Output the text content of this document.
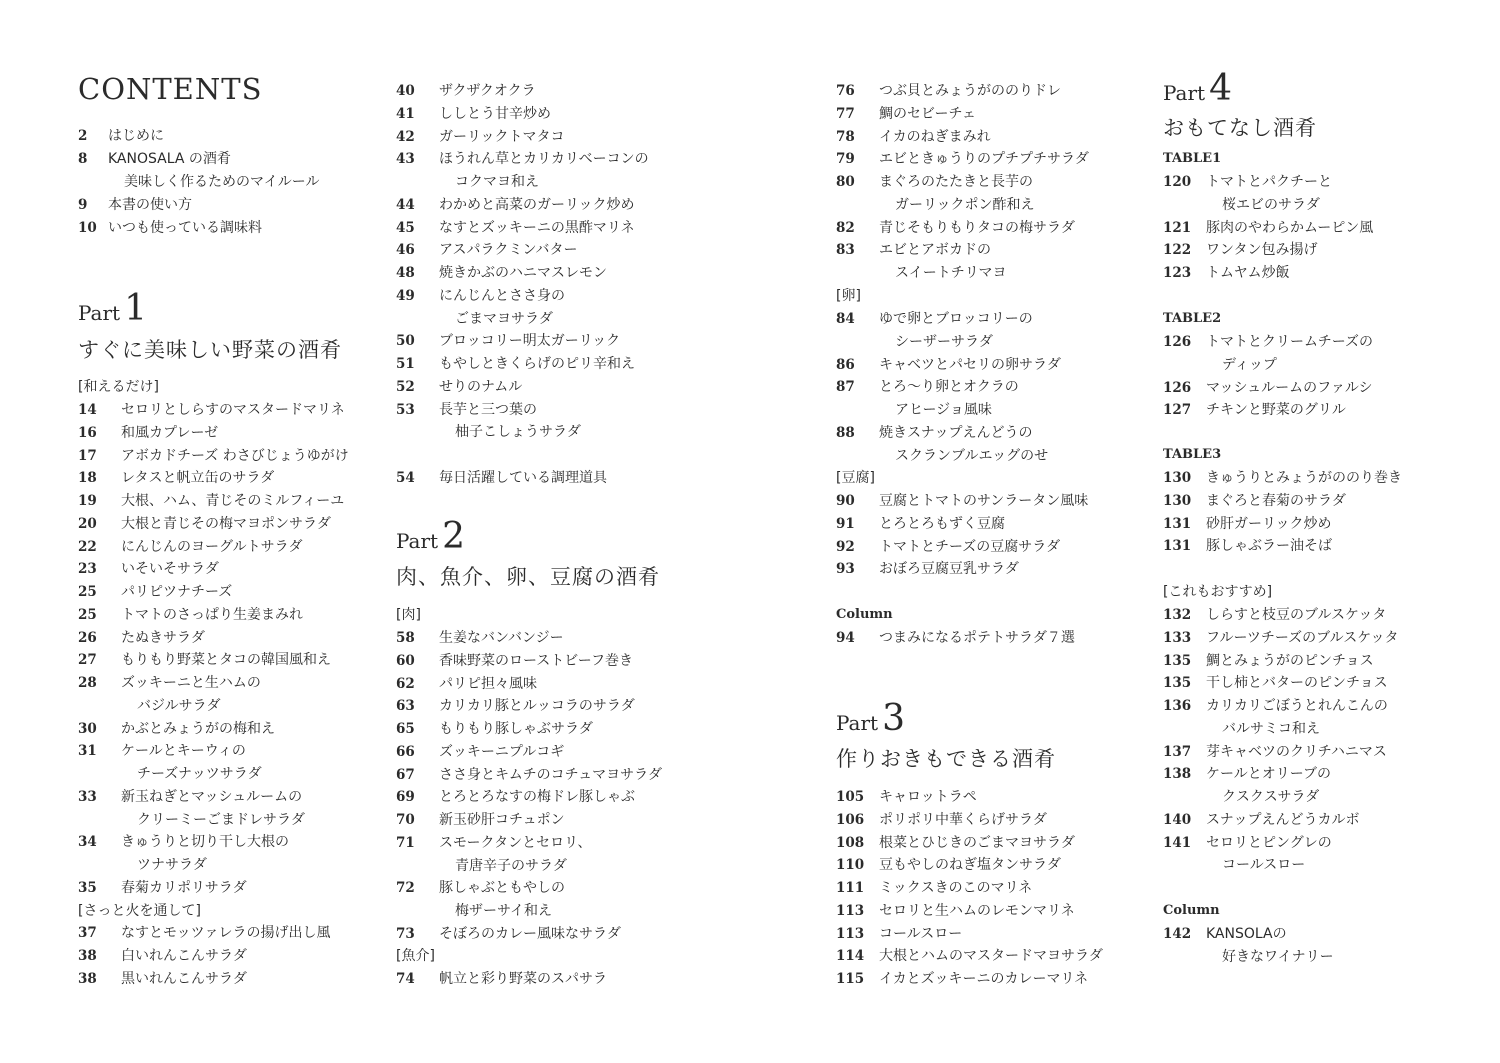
CONTENTS
2 はじめに
8 KANOSALA の酒肴
美味しく作るためのマイルール
9 本書の使い方
10 いつも使っている調味料
Part 1
すぐに美味しい野菜の酒肴
[和えるだけ]
14 セロリとしらすのマスタードマリネ
16 和風カプレーゼ
17 アボカドチーズ わさびじょうゆがけ
18 レタスと帆立缶のサラダ
19 大根、ハム、青じそのミルフィーユ
20 大根と青じその梅マヨポンサラダ
22 にんじんのヨーグルトサラダ
23 いそいそサラダ
25 パリピツナチーズ
25 トマトのさっぱり生姜まみれ
26 たぬきサラダ
27 もりもり野菜とタコの韓国風和え
28 ズッキーニと生ハムの
バジルサラダ
30 かぶとみょうがの梅和え
31 ケールとキーウィの
チーズナッツサラダ
33 新玉ねぎとマッシュルームの
クリーミーごまドレサラダ
34 きゅうりと切り干し大根の
ツナサラダ
35 春菊カリポリサラダ
[さっと火を通して]
37 なすとモッツァレラの揚げ出し風
38 白いれんこんサラダ
38 黒いれんこんサラダ
40 ザクザクオクラ
41 ししとう甘辛炒め
42 ガーリックトマタコ
43 ほうれん草とカリカリベーコンの
コクマヨ和え
44 わかめと高菜のガーリック炒め
45 なすとズッキーニの黒酢マリネ
46 アスパラクミンバター
48 焼きかぶのハニマスレモン
49 にんじんとささ身の
ごまマヨサラダ
50 ブロッコリー明太ガーリック
51 もやしときくらげのピリ辛和え
52 せりのナムル
53 長芋と三つ葉の
柚子こしょうサラダ
54 毎日活躍している調理道具
Part 2
肉、魚介、卵、豆腐の酒肴
[肉]
58 生姜なバンバンジー
60 香味野菜のローストビーフ巻き
62 パリピ担々風味
63 カリカリ豚とルッコラのサラダ
65 もりもり豚しゃぶサラダ
66 ズッキーニプルコギ
67 ささ身とキムチのコチュマヨサラダ
69 とろとろなすの梅ドレ豚しゃぶ
70 新玉砂肝コチュポン
71 スモークタンとセロリ、
青唐辛子のサラダ
72 豚しゃぶともやしの
梅ザーサイ和え
73 そぼろのカレー風味なサラダ
[魚介]
74 帆立と彩り野菜のスパサラ
76 つぶ貝とみょうがののりドレ
77 鯛のセビーチェ
78 イカのねぎまみれ
79 エビときゅうりのプチプチサラダ
80 まぐろのたたきと長芋の
ガーリックポン酢和え
82 青じそもりもりタコの梅サラダ
83 エビとアボカドの
スイートチリマヨ
[卵]
84 ゆで卵とブロッコリーの
シーザーサラダ
86 キャベツとパセリの卵サラダ
87 とろ～り卵とオクラの
アヒージョ風味
88 焼きスナップえんどうの
スクランブルエッグのせ
[豆腐]
90 豆腐とトマトのサンラータン風味
91 とろとろもずく豆腐
92 トマトとチーズの豆腐サラダ
93 おぼろ豆腐豆乳サラダ
Column
94 つまみになるポテトサラダ７選
Part 3
作りおきもできる酒肴
105 キャロットラペ
106 ポリポリ中華くらげサラダ
108 根菜とひじきのごまマヨサラダ
110 豆もやしのねぎ塩タンサラダ
111 ミックスきのこのマリネ
113 セロリと生ハムのレモンマリネ
113 コールスロー
114 大根とハムのマスタードマヨサラダ
115 イカとズッキーニのカレーマリネ
Part 4
おもてなし酒肴
TABLE1
120 トマトとパクチーと
桜エビのサラダ
121 豚肉のやわらかムーピン風
122 ワンタン包み揚げ
123 トムヤム炒飯
TABLE2
126 トマトとクリームチーズの
ディップ
126 マッシュルームのファルシ
127 チキンと野菜のグリル
TABLE3
130 きゅうりとみょうがののり巻き
130 まぐろと春菊のサラダ
131 砂肝ガーリック炒め
131 豚しゃぶラー油そば
[これもおすすめ]
132 しらすと枝豆のブルスケッタ
133 フルーツチーズのブルスケッタ
135 鯛とみょうがのピンチョス
135 干し柿とバターのピンチョス
136 カリカリごぼうとれんこんの
バルサミコ和え
137 芽キャベツのクリチハニマス
138 ケールとオリーブの
クスクスサラダ
140 スナップえんどうカルボ
141 セロリとピングレの
コールスロー
Column
142 KANSOLAの
好きなワイナリー
